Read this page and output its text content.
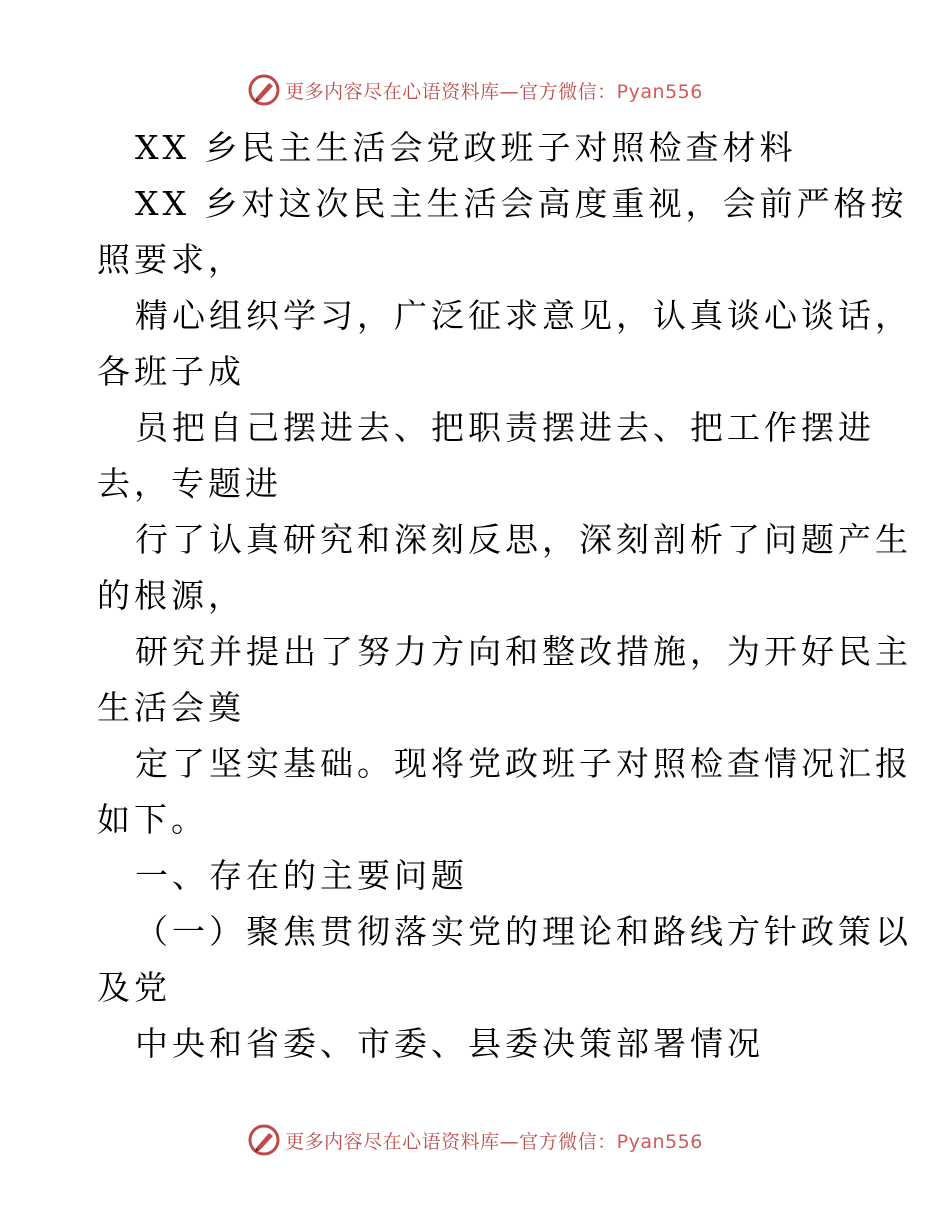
更多内容尽在心语资料库—官方微信：Pyan556
XX 乡民主生活会党政班子对照检查材料
XX 乡对这次民主生活会高度重视，会前严格按
照要求，
精心组织学习，广泛征求意见，认真谈心谈话，
各班子成
员把自己摆进去、把职责摆进去、把工作摆进
去，专题进
行了认真研究和深刻反思，深刻剖析了问题产生
的根源，
研究并提出了努力方向和整改措施，为开好民主
生活会奠
定了坚实基础。现将党政班子对照检查情况汇报
如下。
一、存在的主要问题
（一）聚焦贯彻落实党的理论和路线方针政策以
及党
中央和省委、市委、县委决策部署情况
更多内容尽在心语资料库—官方微信：Pyan556
